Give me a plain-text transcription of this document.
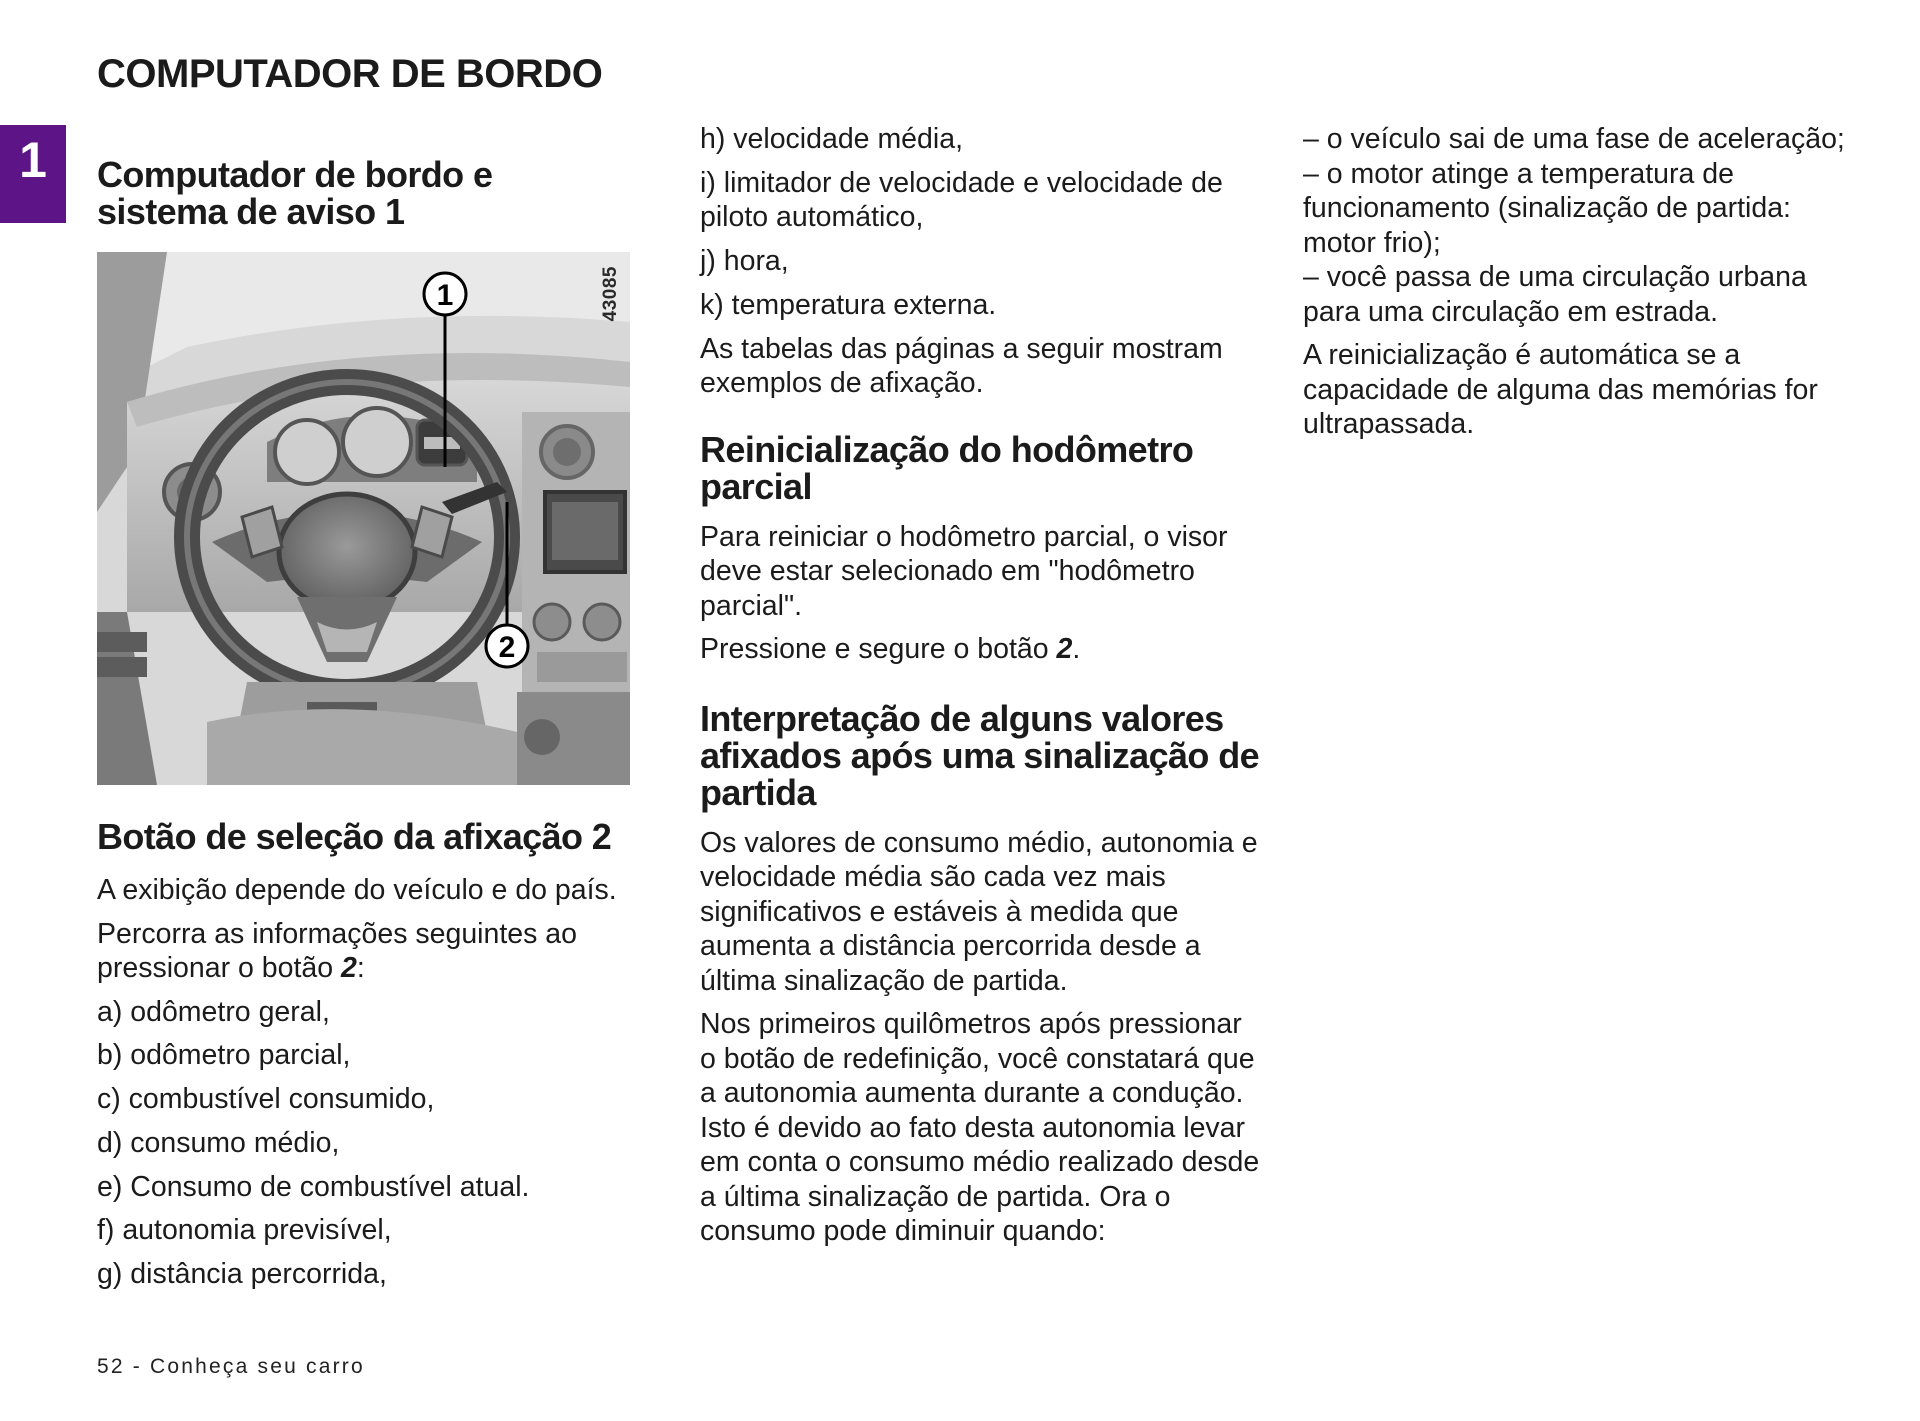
1
COMPUTADOR DE BORDO
Computador de bordo e sistema de aviso 1
1
2
43085
Botão de seleção da afixação 2

A exibição depende do veículo e do país.

Percorra as informações seguintes ao pressionar o botão 2:

a) odômetro geral,

b) odômetro parcial,

c) combustível consumido,

d) consumo médio,

e) Consumo de combustível atual.

f) autonomia previsível,

g) distância percorrida,

h) velocidade média,

i) limitador de velocidade e velocidade de piloto automático,

j) hora,

k) temperatura externa.

As tabelas das páginas a seguir mostram exemplos de afixação.

Reinicialização do hodômetro parcial

Para reiniciar o hodômetro parcial, o visor deve estar selecionado em "hodômetro parcial".

Pressione e segure o botão 2.

Interpretação de alguns valores afixados após uma sinalização de partida

Os valores de consumo médio, autonomia e velocidade média são cada vez mais significativos e estáveis à medida que aumenta a distância percorrida desde a última sinalização de partida.

Nos primeiros quilômetros após pressionar o botão de redefinição, você constatará que a autonomia aumenta durante a condução. Isto é devido ao fato desta autonomia levar em conta o consumo médio realizado desde a última sinalização de partida. Ora o consumo pode diminuir quando:

– o veículo sai de uma fase de aceleração;

– o motor atinge a temperatura de funcionamento (sinalização de partida: motor frio);

– você passa de uma circulação urbana para uma circulação em estrada.

A reinicialização é automática se a capacidade de alguma das memórias for ultrapassada.

52 - Conheça seu carro
